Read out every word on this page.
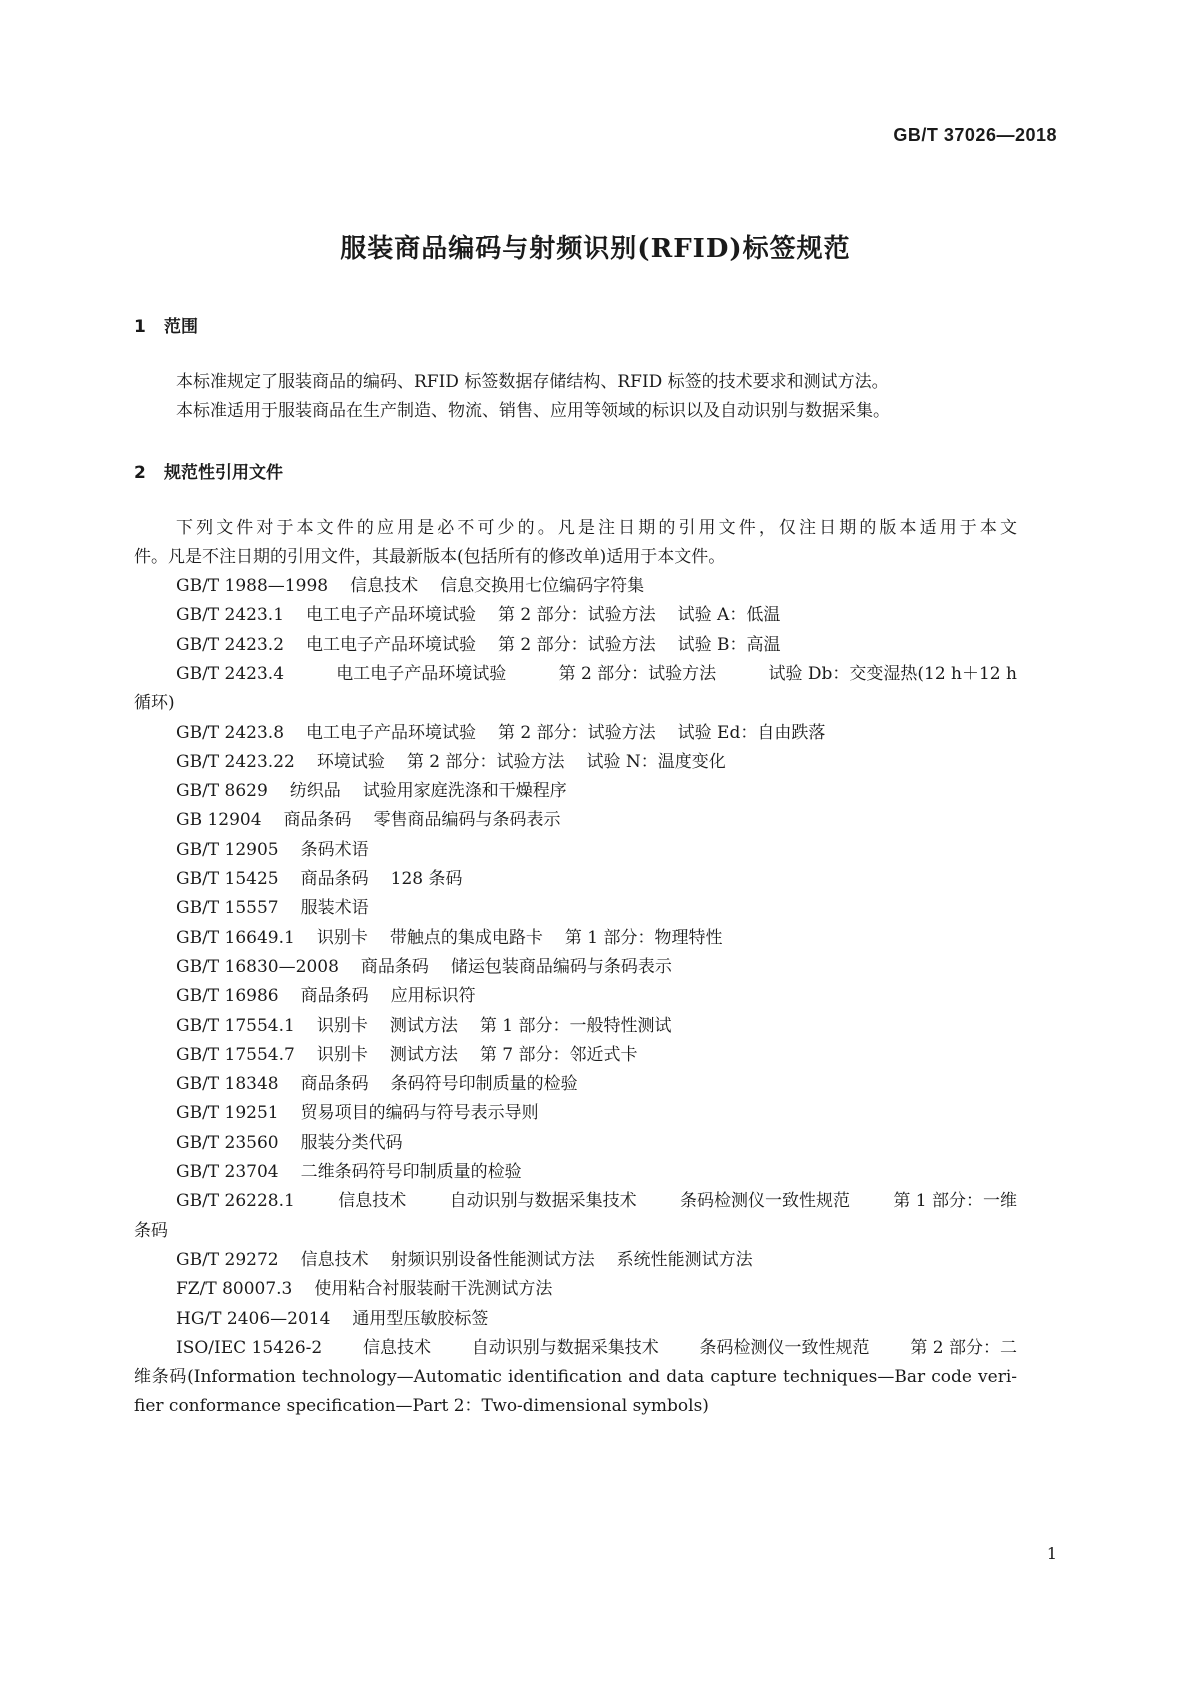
GB/T 37026—2018
服装商品编码与射频识别(RFID)标签规范
1 范围
本标准规定了服装商品的编码、RFID 标签数据存储结构、RFID 标签的技术要求和测试方法。
本标准适用于服装商品在生产制造、物流、销售、应用等领域的标识以及自动识别与数据采集。
2 规范性引用文件
下列文件对于本文件的应用是必不可少的。凡是注日期的引用文件，仅注日期的版本适用于本文
件。凡是不注日期的引用文件，其最新版本(包括所有的修改单)适用于本文件。
GB/T 1988—1998 信息技术 信息交换用七位编码字符集
GB/T 2423.1 电工电子产品环境试验 第 2 部分：试验方法 试验 A：低温
GB/T 2423.2 电工电子产品环境试验 第 2 部分：试验方法 试验 B：高温
GB/T 2423.4	电工电子产品环境试验	第 2 部分：试验方法	试验 Db：交变湿热(12 h＋12 h
循环)
GB/T 2423.8 电工电子产品环境试验 第 2 部分：试验方法 试验 Ed：自由跌落
GB/T 2423.22 环境试验 第 2 部分：试验方法 试验 N：温度变化
GB/T 8629 纺织品 试验用家庭洗涤和干燥程序
GB 12904 商品条码 零售商品编码与条码表示
GB/T 12905 条码术语
GB/T 15425 商品条码 128 条码
GB/T 15557 服装术语
GB/T 16649.1 识别卡 带触点的集成电路卡 第 1 部分：物理特性
GB/T 16830—2008 商品条码 储运包装商品编码与条码表示
GB/T 16986 商品条码 应用标识符
GB/T 17554.1 识别卡 测试方法 第 1 部分：一般特性测试
GB/T 17554.7 识别卡 测试方法 第 7 部分：邻近式卡
GB/T 18348 商品条码 条码符号印制质量的检验
GB/T 19251 贸易项目的编码与符号表示导则
GB/T 23560 服装分类代码
GB/T 23704 二维条码符号印制质量的检验
GB/T 26228.1	信息技术	自动识别与数据采集技术	条码检测仪一致性规范	第 1 部分：一维
条码
GB/T 29272 信息技术 射频识别设备性能测试方法 系统性能测试方法
FZ/T 80007.3 使用粘合衬服装耐干洗测试方法
HG/T 2406—2014 通用型压敏胶标签
ISO/IEC 15426-2 信息技术 自动识别与数据采集技术 条码检测仪一致性规范 第 2 部分：二
维条码(Information technology—Automatic identification and data capture techniques—Bar code veri-
fier conformance specification—Part 2：Two-dimensional symbols)
1
